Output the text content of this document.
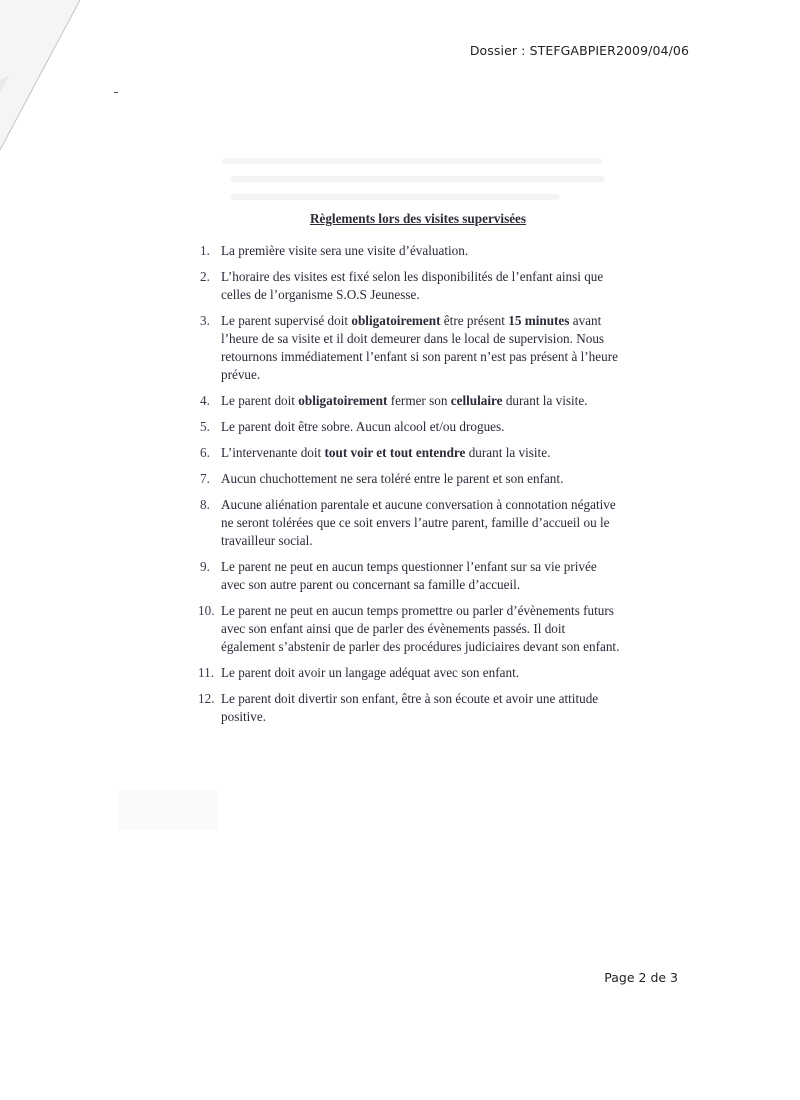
Dossier : STEFGABPIER2009/04/06
Règlements lors des visites supervisées
1. La première visite sera une visite d’évaluation.
2. L’horaire des visites est fixé selon les disponibilités de l’enfant ainsi que celles de l’organisme S.O.S Jeunesse.
3. Le parent supervisé doit obligatoirement être présent 15 minutes avant l’heure de sa visite et il doit demeurer dans le local de supervision. Nous retournons immédiatement l’enfant si son parent n’est pas présent à l’heure prévue.
4. Le parent doit obligatoirement fermer son cellulaire durant la visite.
5. Le parent doit être sobre. Aucun alcool et/ou drogues.
6. L’intervenante doit tout voir et tout entendre durant la visite.
7. Aucun chuchottement ne sera toléré entre le parent et son enfant.
8. Aucune aliénation parentale et aucune conversation à connotation négative ne seront tolérées que ce soit envers l’autre parent, famille d’accueil ou le travailleur social.
9. Le parent ne peut en aucun temps questionner l’enfant sur sa vie privée avec son autre parent ou concernant sa famille d’accueil.
10. Le parent ne peut en aucun temps promettre ou parler d’évènements futurs avec son enfant ainsi que de parler des évènements passés. Il doit également s’abstenir de parler des procédures judiciaires devant son enfant.
11. Le parent doit avoir un langage adéquat avec son enfant.
12. Le parent doit divertir son enfant, être à son écoute et avoir une attitude positive.
Page 2 de 3
